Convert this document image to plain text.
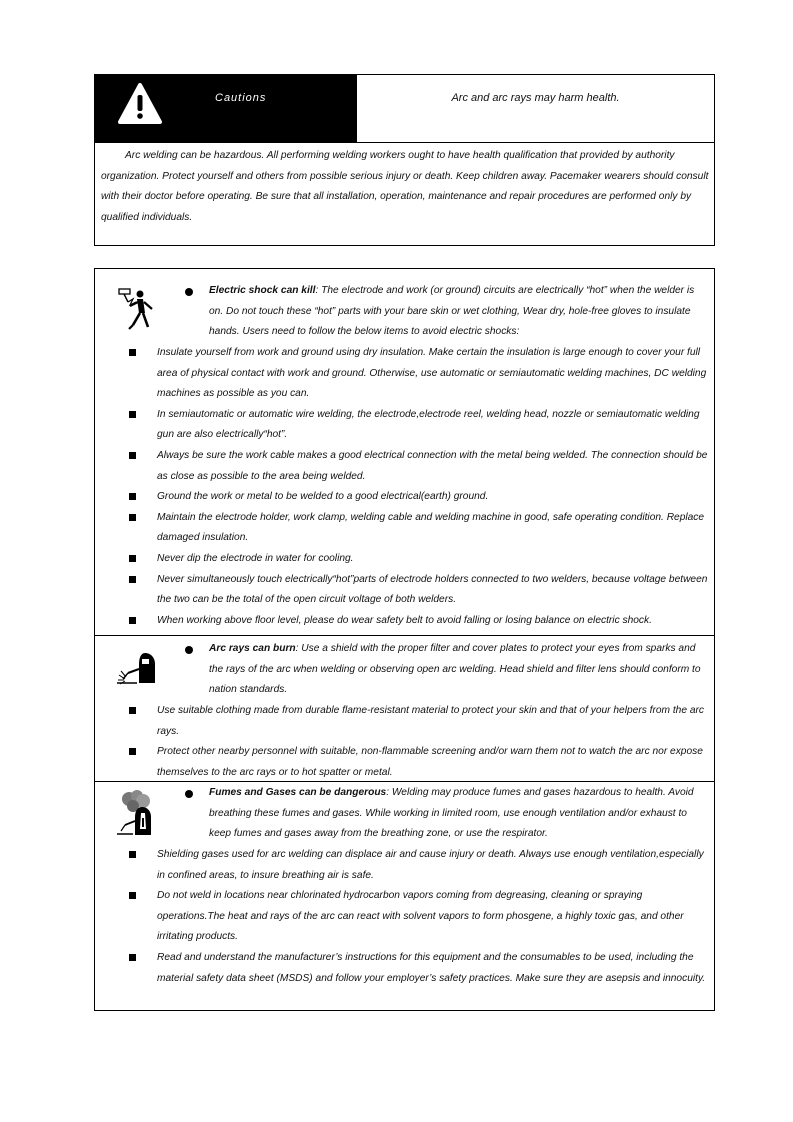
Cautions	Arc and arc rays may harm health.
Arc welding can be hazardous. All performing welding workers ought to have health qualification that provided by authority organization. Protect yourself and others from possible serious injury or death. Keep children away. Pacemaker wearers should consult with their doctor before operating. Be sure that all installation, operation, maintenance and repair procedures are performed only by qualified individuals.
Electric shock can kill: The electrode and work (or ground) circuits are electrically “hot” when the welder is on. Do not touch these “hot” parts with your bare skin or wet clothing, Wear dry, hole-free gloves to insulate hands. Users need to follow the below items to avoid electric shocks:
Insulate yourself from work and ground using dry insulation. Make certain the insulation is large enough to cover your full area of physical contact with work and ground. Otherwise, use automatic or semiautomatic welding machines, DC welding machines as possible as you can.
In semiautomatic or automatic wire welding, the electrode,electrode reel, welding head, nozzle or semiautomatic welding gun are also electrically“hot”.
Always be sure the work cable makes a good electrical connection with the metal being welded. The connection should be as close as possible to the area being welded.
Ground the work or metal to be welded to a good electrical(earth) ground.
Maintain the electrode holder, work clamp, welding cable and welding machine in good, safe operating condition. Replace damaged insulation.
Never dip the electrode in water for cooling.
Never simultaneously touch electrically“hot”parts of electrode holders connected to two welders, because voltage between the two can be the total of the open circuit voltage of both welders.
When working above floor level, please do wear safety belt to avoid falling or losing balance on electric shock.
Arc rays can burn: Use a shield with the proper filter and cover plates to protect your eyes from sparks and the rays of the arc when welding or observing open arc welding. Head shield and filter lens should conform to nation standards.
Use suitable clothing made from durable flame-resistant material to protect your skin and that of your helpers from the arc rays.
Protect other nearby personnel with suitable, non-flammable screening and/or warn them not to watch the arc nor expose themselves to the arc rays or to hot spatter or metal.
Fumes and Gases can be dangerous: Welding may produce fumes and gases hazardous to health. Avoid breathing these fumes and gases. While working in limited room, use enough ventilation and/or exhaust to keep fumes and gases away from the breathing zone, or use the respirator.
Shielding gases used for arc welding can displace air and cause injury or death. Always use enough ventilation,especially in confined areas, to insure breathing air is safe.
Do not weld in locations near chlorinated hydrocarbon vapors coming from degreasing, cleaning or spraying operations.The heat and rays of the arc can react with solvent vapors to form phosgene, a highly toxic gas, and other irritating products.
Read and understand the manufacturer’s instructions for this equipment and the consumables to be used, including the material safety data sheet (MSDS) and follow your employer’s safety practices. Make sure they are asepsis and innocuity.
